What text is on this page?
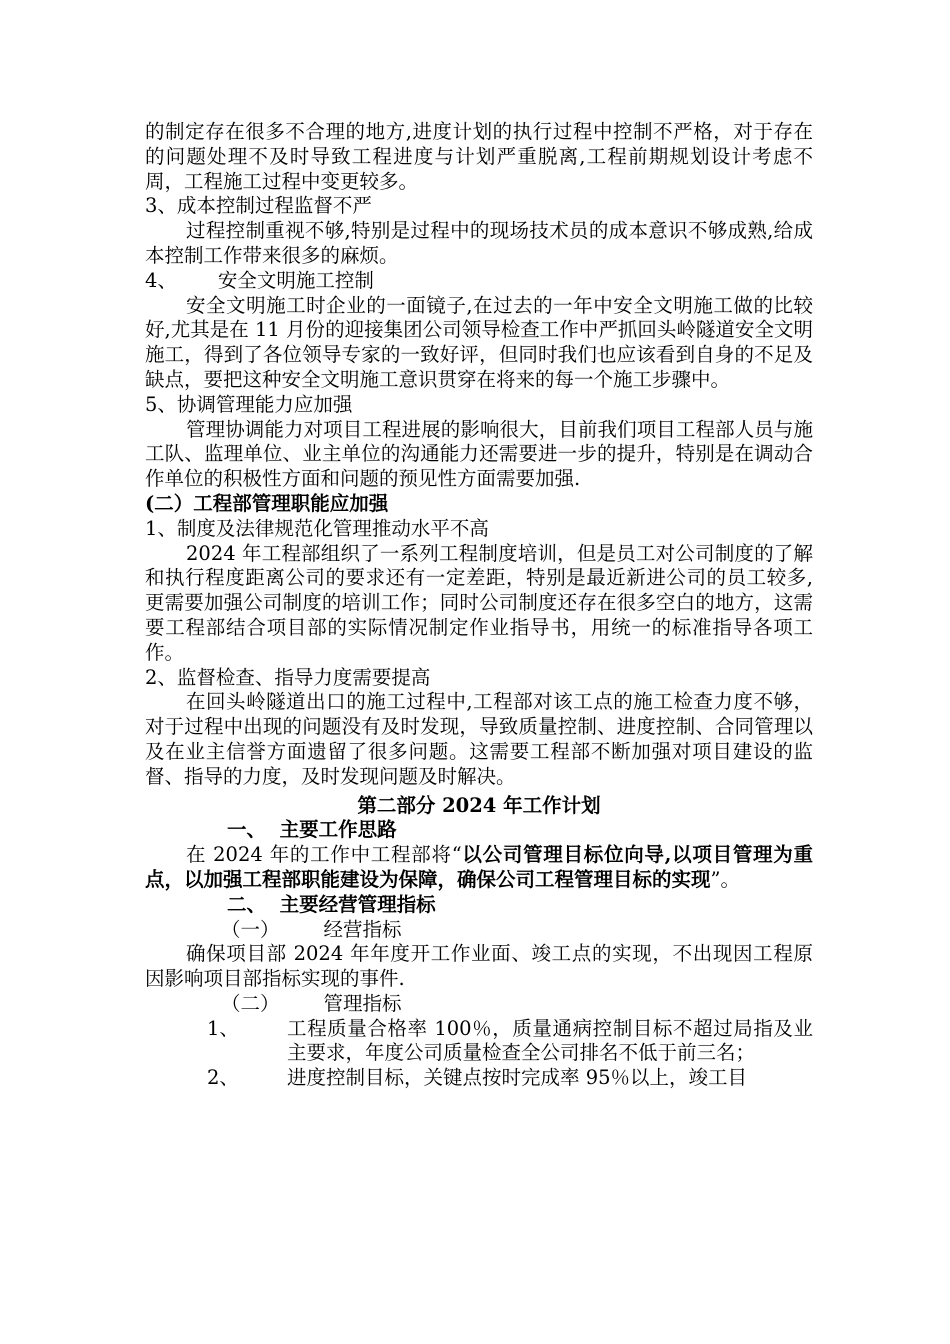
的制定存在很多不合理的地方,进度计划的执行过程中控制不严格，对于存在的问题处理不及时导致工程进度与计划严重脱离,工程前期规划设计考虑不周，工程施工过程中变更较多。

3、成本控制过程监督不严

过程控制重视不够,特别是过程中的现场技术员的成本意识不够成熟,给成本控制工作带来很多的麻烦。

4、 安全文明施工控制

安全文明施工时企业的一面镜子,在过去的一年中安全文明施工做的比较好,尤其是在 11 月份的迎接集团公司领导检查工作中严抓回头岭隧道安全文明施工，得到了各位领导专家的一致好评，但同时我们也应该看到自身的不足及缺点，要把这种安全文明施工意识贯穿在将来的每一个施工步骤中。

5、协调管理能力应加强

管理协调能力对项目工程进展的影响很大，目前我们项目工程部人员与施工队、监理单位、业主单位的沟通能力还需要进一步的提升，特别是在调动合作单位的积极性方面和问题的预见性方面需要加强.

(二）工程部管理职能应加强

1、制度及法律规范化管理推动水平不高

2024 年工程部组织了一系列工程制度培训，但是员工对公司制度的了解和执行程度距离公司的要求还有一定差距，特别是最近新进公司的员工较多,更需要加强公司制度的培训工作；同时公司制度还存在很多空白的地方，这需要工程部结合项目部的实际情况制定作业指导书，用统一的标准指导各项工作。

2、监督检查、指导力度需要提高

在回头岭隧道出口的施工过程中,工程部对该工点的施工检查力度不够，对于过程中出现的问题没有及时发现，导致质量控制、进度控制、合同管理以及在业主信誉方面遗留了很多问题。这需要工程部不断加强对项目建设的监督、指导的力度，及时发现问题及时解决。

第二部分 2024 年工作计划

一、  主要工作思路

在 2024 年的工作中工程部将“以公司管理目标位向导,以项目管理为重点，以加强工程部职能建设为保障，确保公司工程管理目标的实现”。

二、  主要经营管理指标

（一） 经营指标

确保项目部 2024 年年度开工作业面、竣工点的实现，不出现因工程原因影响项目部指标实现的事件.

（二） 管理指标

1、	工程质量合格率 100％，质量通病控制目标不超过局指及业主要求，年度公司质量检查全公司排名不低于前三名；
2、	进度控制目标，关键点按时完成率 95％以上，竣工目
